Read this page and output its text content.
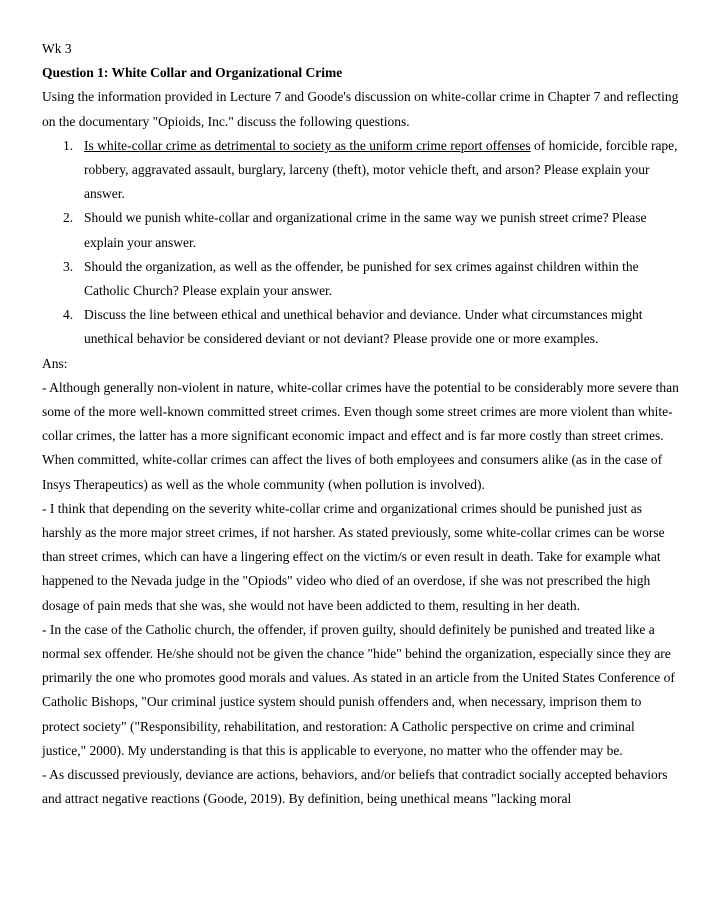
Wk 3

Question 1: White Collar and Organizational Crime

Using the information provided in Lecture 7 and Goode's discussion on white-collar crime in Chapter 7 and reflecting on the documentary "Opioids, Inc." discuss the following questions.

1. Is white-collar crime as detrimental to society as the uniform crime report offenses of homicide, forcible rape, robbery, aggravated assault, burglary, larceny (theft), motor vehicle theft, and arson? Please explain your answer.
2. Should we punish white-collar and organizational crime in the same way we punish street crime? Please explain your answer.
3. Should the organization, as well as the offender, be punished for sex crimes against children within the Catholic Church? Please explain your answer.
4. Discuss the line between ethical and unethical behavior and deviance. Under what circumstances might unethical behavior be considered deviant or not deviant? Please provide one or more examples.

Ans:

- Although generally non-violent in nature, white-collar crimes have the potential to be considerably more severe than some of the more well-known committed street crimes. Even though some street crimes are more violent than white-collar crimes, the latter has a more significant economic impact and effect and is far more costly than street crimes. When committed, white-collar crimes can affect the lives of both employees and consumers alike (as in the case of Insys Therapeutics) as well as the whole community (when pollution is involved).

- I think that depending on the severity white-collar crime and organizational crimes should be punished just as harshly as the more major street crimes, if not harsher. As stated previously, some white-collar crimes can be worse than street crimes, which can have a lingering effect on the victim/s or even result in death. Take for example what happened to the Nevada judge in the "Opiods" video who died of an overdose, if she was not prescribed the high dosage of pain meds that she was, she would not have been addicted to them, resulting in her death.

- In the case of the Catholic church, the offender, if proven guilty, should definitely be punished and treated like a normal sex offender. He/she should not be given the chance "hide" behind the organization, especially since they are primarily the one who promotes good morals and values. As stated in an article from the United States Conference of Catholic Bishops, "Our criminal justice system should punish offenders and, when necessary, imprison them to protect society" ("Responsibility, rehabilitation, and restoration: A Catholic perspective on crime and criminal justice," 2000). My understanding is that this is applicable to everyone, no matter who the offender may be.

- As discussed previously, deviance are actions, behaviors, and/or beliefs that contradict socially accepted behaviors and attract negative reactions (Goode, 2019). By definition, being unethical means "lacking moral
